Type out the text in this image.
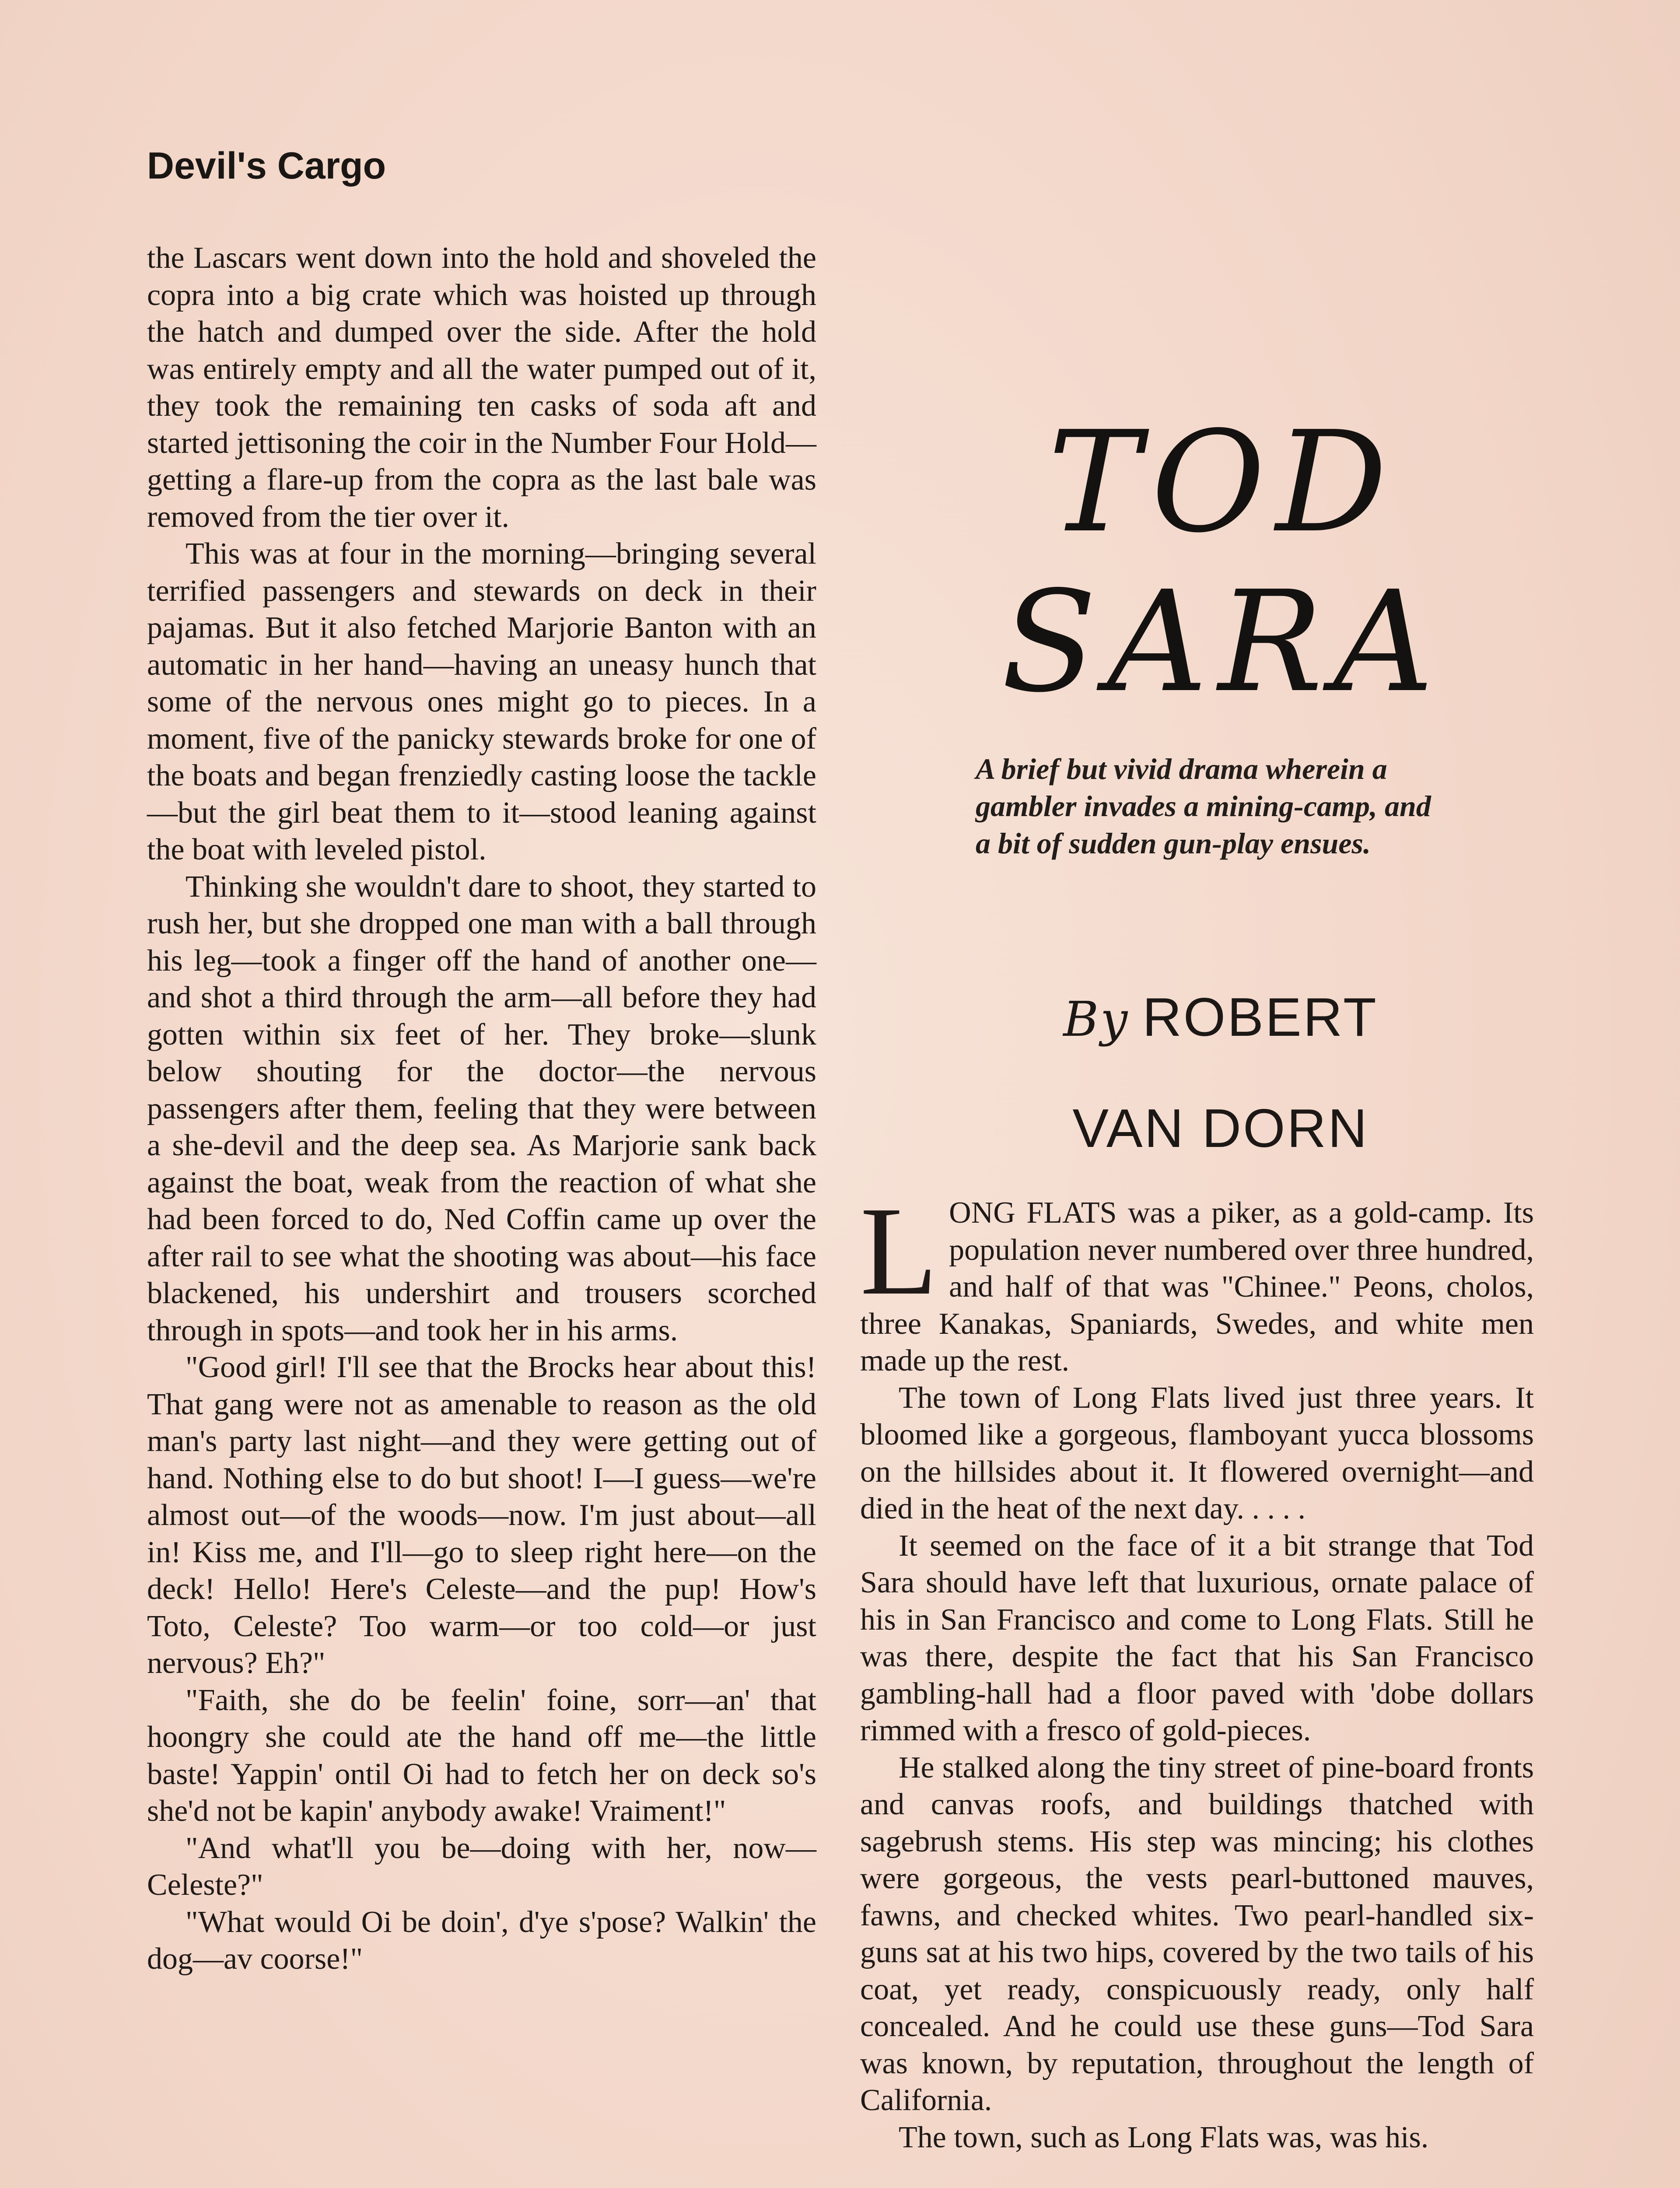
Devil's Cargo

the Lascars went down into the hold and shoveled the copra into a big crate which was hoisted up through the hatch and dumped over the side. After the hold was entirely empty and all the water pumped out of it, they took the remaining ten casks of soda aft and started jettisoning the coir in the Number Four Hold—getting a flare-up from the copra as the last bale was removed from the tier over it.

This was at four in the morning—bringing several terrified passengers and stewards on deck in their pajamas. But it also fetched Marjorie Banton with an automatic in her hand—having an uneasy hunch that some of the nervous ones might go to pieces. In a moment, five of the panicky stewards broke for one of the boats and began frenziedly casting loose the tackle—but the girl beat them to it—stood leaning against the boat with leveled pistol.

Thinking she wouldn't dare to shoot, they started to rush her, but she dropped one man with a ball through his leg—took a finger off the hand of another one—and shot a third through the arm—all before they had gotten within six feet of her. They broke—slunk below shouting for the doctor—the nervous passengers after them, feeling that they were between a she-devil and the deep sea. As Marjorie sank back against the boat, weak from the reaction of what she had been forced to do, Ned Coffin came up over the after rail to see what the shooting was about—his face blackened, his undershirt and trousers scorched through in spots—and took her in his arms.

"Good girl! I'll see that the Brocks hear about this! That gang were not as amenable to reason as the old man's party last night—and they were getting out of hand. Nothing else to do but shoot! I—I guess—we're almost out—of the woods—now. I'm just about—all in! Kiss me, and I'll—go to sleep right here—on the deck! Hello! Here's Celeste—and the pup! How's Toto, Celeste? Too warm—or too cold—or just nervous? Eh?"

"Faith, she do be feelin' foine, sorr—an' that hoongry she could ate the hand off me—the little baste! Yappin' ontil Oi had to fetch her on deck so's she'd not be kapin' anybody awake! Vraiment!"

"And what'll you be—doing with her, now—Celeste?"

"What would Oi be doin', d'ye s'pose? Walkin' the dog—av coorse!"

TOD
SARA
A brief but vivid drama wherein a gambler invades a mining-camp, and a bit of sudden gun-play ensues.
By ROBERT
VAN DORN

LONG FLATS was a piker, as a gold-camp. Its population never numbered over three hundred, and half of that was "Chinee." Peons, cholos, three Kanakas, Spaniards, Swedes, and white men made up the rest.

The town of Long Flats lived just three years. It bloomed like a gorgeous, flamboyant yucca blossoms on the hillsides about it. It flowered overnight—and died in the heat of the next day. . . . .

It seemed on the face of it a bit strange that Tod Sara should have left that luxurious, ornate palace of his in San Francisco and come to Long Flats. Still he was there, despite the fact that his San Francisco gambling-hall had a floor paved with 'dobe dollars rimmed with a fresco of gold-pieces.

He stalked along the tiny street of pine-board fronts and canvas roofs, and buildings thatched with sagebrush stems. His step was mincing; his clothes were gorgeous, the vests pearl-buttoned mauves, fawns, and checked whites. Two pearl-handled six-guns sat at his two hips, covered by the two tails of his coat, yet ready, conspicuously ready, only half concealed. And he could use these guns—Tod Sara was known, by reputation, throughout the length of California.

The town, such as Long Flats was, was his.
